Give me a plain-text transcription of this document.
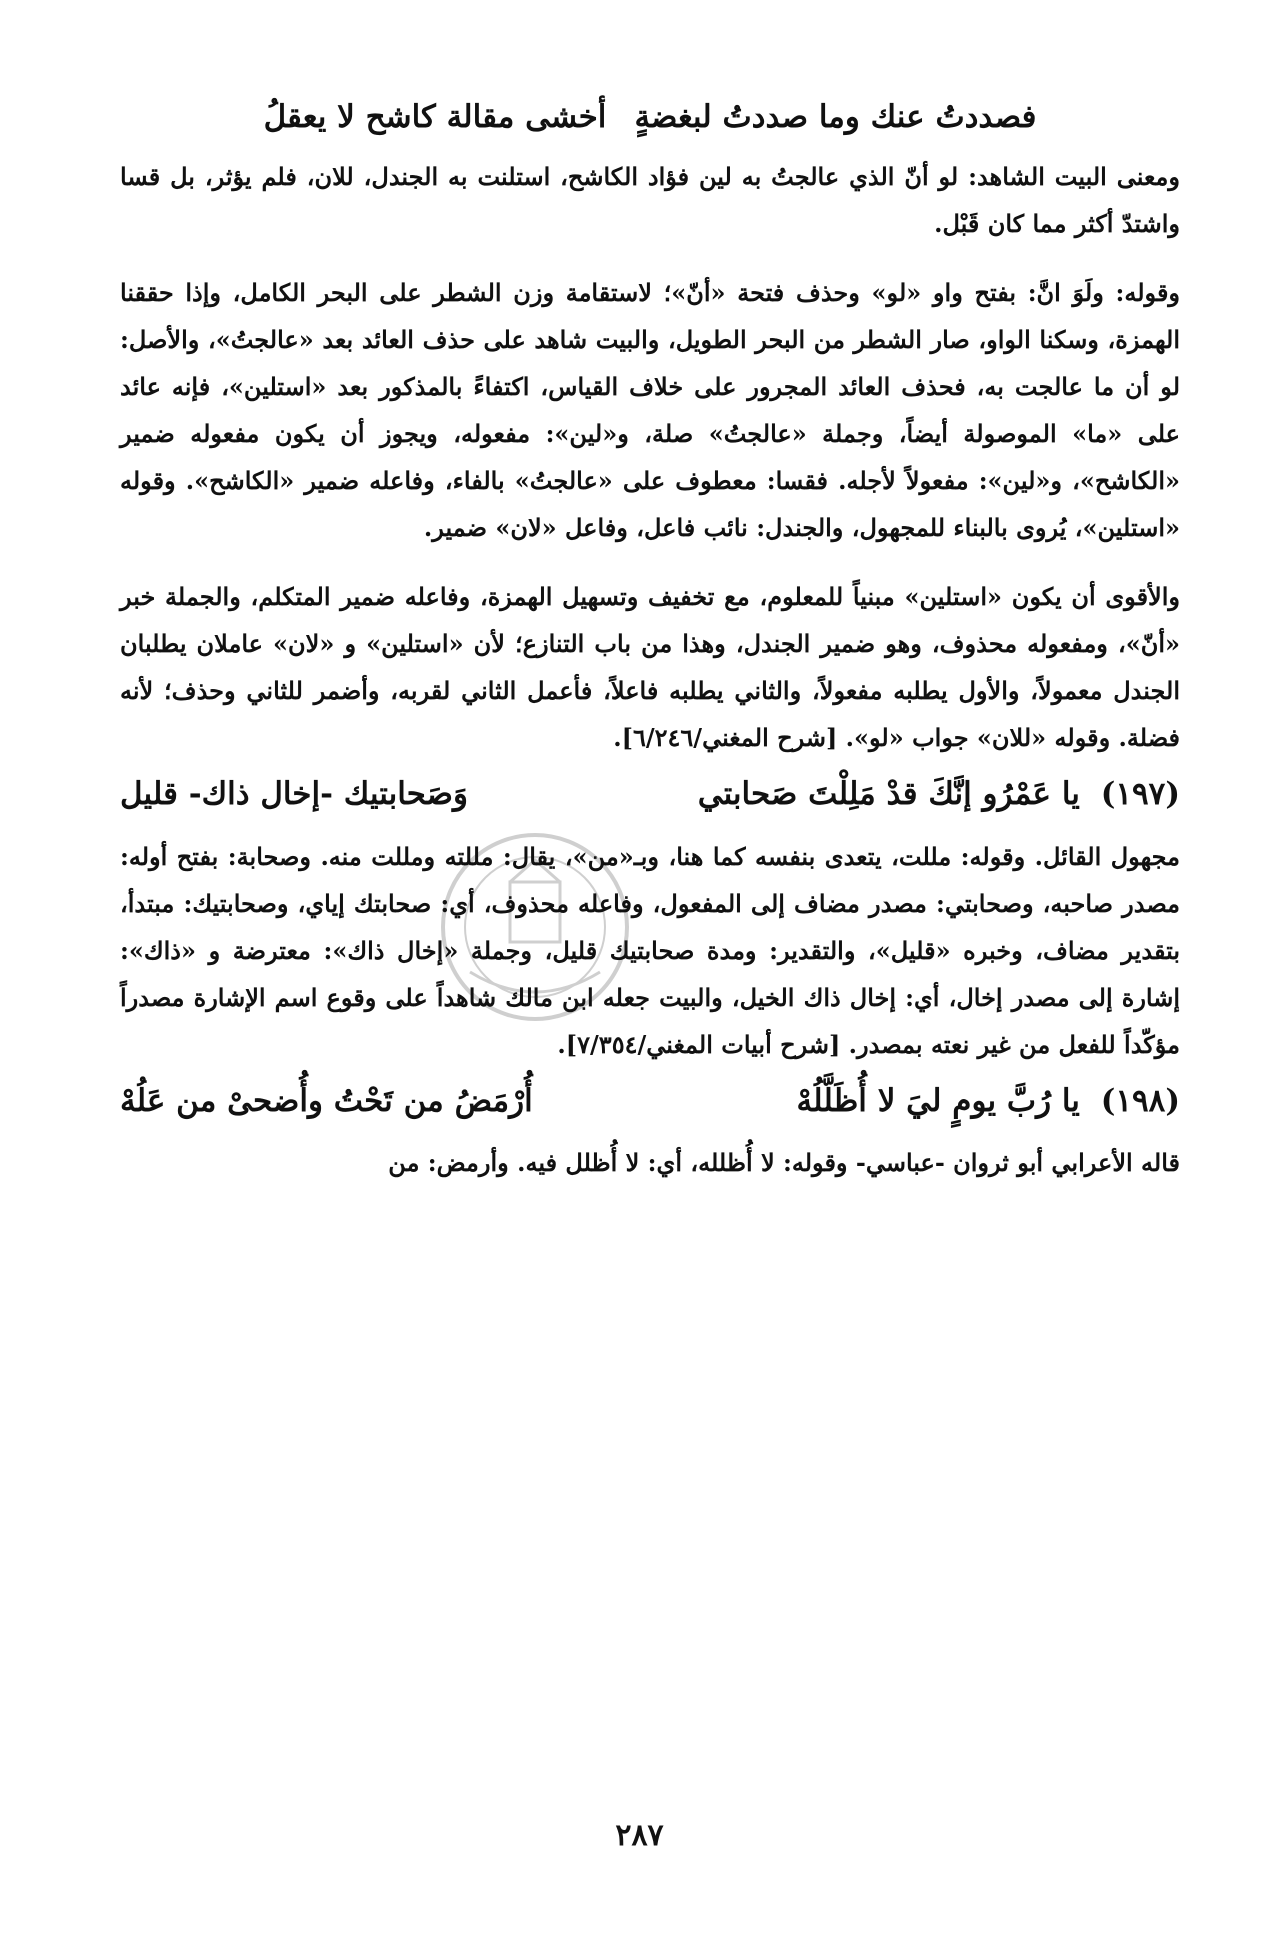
فصددتُ عنك وما صددتُ لبغضةٍ
أخشى مقالة كاشح لا يعقلُ

ومعنى البيت الشاهد: لو أنّ الذي عالجتُ به لين فؤاد الكاشح، استلنت به الجندل، للان، فلم يؤثر، بل قسا واشتدّ أكثر مما كان قَبْل.

وقوله: ولَوَ انَّ: بفتح واو «لو» وحذف فتحة «أنّ»؛ لاستقامة وزن الشطر على البحر الكامل، وإذا حققنا الهمزة، وسكنا الواو، صار الشطر من البحر الطويل، والبيت شاهد على حذف العائد بعد «عالجتُ»، والأصل: لو أن ما عالجت به، فحذف العائد المجرور على خلاف القياس، اكتفاءً بالمذكور بعد «استلين»، فإنه عائد على «ما» الموصولة أيضاً، وجملة «عالجتُ» صلة، و«لين»: مفعوله، ويجوز أن يكون مفعوله ضمير «الكاشح»، و«لين»: مفعولاً لأجله. فقسا: معطوف على «عالجتُ» بالفاء، وفاعله ضمير «الكاشح». وقوله «استلين»، يُروى بالبناء للمجهول، والجندل: نائب فاعل، وفاعل «لان» ضمير.

والأقوى أن يكون «استلين» مبنياً للمعلوم، مع تخفيف وتسهيل الهمزة، وفاعله ضمير المتكلم، والجملة خبر «أنّ»، ومفعوله محذوف، وهو ضمير الجندل، وهذا من باب التنازع؛ لأن «استلين» و «لان» عاملان يطلبان الجندل معمولاً، والأول يطلبه مفعولاً، والثاني يطلبه فاعلاً، فأعمل الثاني لقربه، وأضمر للثاني وحذف؛ لأنه فضلة. وقوله «للان» جواب «لو». [شرح المغني/٦/٢٤٦].

(١٩٧) يا عَمْرُو إنَّكَ قدْ مَلِلْتَ صَحابتي
وَصَحابتيك -إخال ذاك- قليل

مجهول القائل. وقوله: مللت، يتعدى بنفسه كما هنا، وبـ«من»، يقال: مللته ومللت منه. وصحابة: بفتح أوله: مصدر صاحبه، وصحابتي: مصدر مضاف إلى المفعول، وفاعله محذوف، أي: صحابتك إياي، وصحابتيك: مبتدأ، بتقدير مضاف، وخبره «قليل»، والتقدير: ومدة صحابتيك قليل، وجملة «إخال ذاك»: معترضة و «ذاك»: إشارة إلى مصدر إخال، أي: إخال ذاك الخيل، والبيت جعله ابن مالك شاهداً على وقوع اسم الإشارة مصدراً مؤكّداً للفعل من غير نعته بمصدر. [شرح أبيات المغني/٧/٣٥٤].

(١٩٨) يا رُبَّ يومٍ ليَ لا أُظَلَّلُهْ
أُرْمَضُ من تَحْتُ وأُضحىْ من عَلُهْ

قاله الأعرابي أبو ثروان -عباسي- وقوله: لا أُظلله، أي: لا أُظلل فيه. وأرمض: من

٢٨٧
